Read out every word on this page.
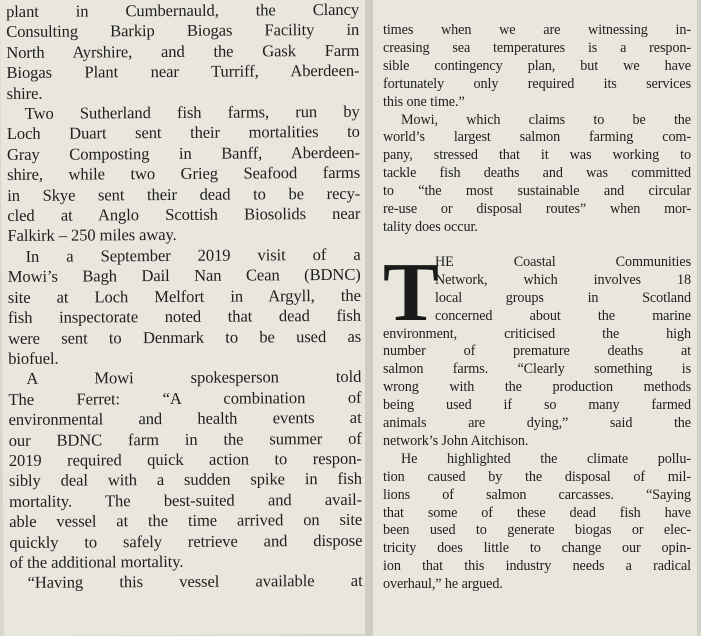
plant in Cumbernauld, the Clancy
Consulting Barkip Biogas Facility in
North Ayrshire, and the Gask Farm
Biogas Plant near Turriff, Aberdeen-
shire.
Two Sutherland fish farms, run by
Loch Duart sent their mortalities to
Gray Composting in Banff, Aberdeen-
shire, while two Grieg Seafood farms
in Skye sent their dead to be recy-
cled at Anglo Scottish Biosolids near
Falkirk – 250 miles away.
In a September 2019 visit of a
Mowi’s Bagh Dail Nan Cean (BDNC)
site at Loch Melfort in Argyll, the
fish inspectorate noted that dead fish
were sent to Denmark to be used as
biofuel.
A Mowi spokesperson told
The Ferret: “A combination of
environmental and health events at
our BDNC farm in the summer of
2019 required quick action to respon-
sibly deal with a sudden spike in fish
mortality. The best-suited and avail-
able vessel at the time arrived on site
quickly to safely retrieve and dispose
of the additional mortality.
“Having this vessel available at
times when we are witnessing in-
creasing sea temperatures is a respon-
sible contingency plan, but we have
fortunately only required its services
this one time.”
Mowi, which claims to be the
world’s largest salmon farming com-
pany, stressed that it was working to
tackle fish deaths and was committed
to “the most sustainable and circular
re-use or disposal routes” when mor-
tality does occur.
T
HE Coastal Communities
Network, which involves 18
local groups in Scotland
concerned about the marine
environment, criticised the high
number of premature deaths at
salmon farms. “Clearly something is
wrong with the production methods
being used if so many farmed
animals are dying,” said the
network’s John Aitchison.
He highlighted the climate pollu-
tion caused by the disposal of mil-
lions of salmon carcasses. “Saying
that some of these dead fish have
been used to generate biogas or elec-
tricity does little to change our opin-
ion that this industry needs a radical
overhaul,” he argued.
